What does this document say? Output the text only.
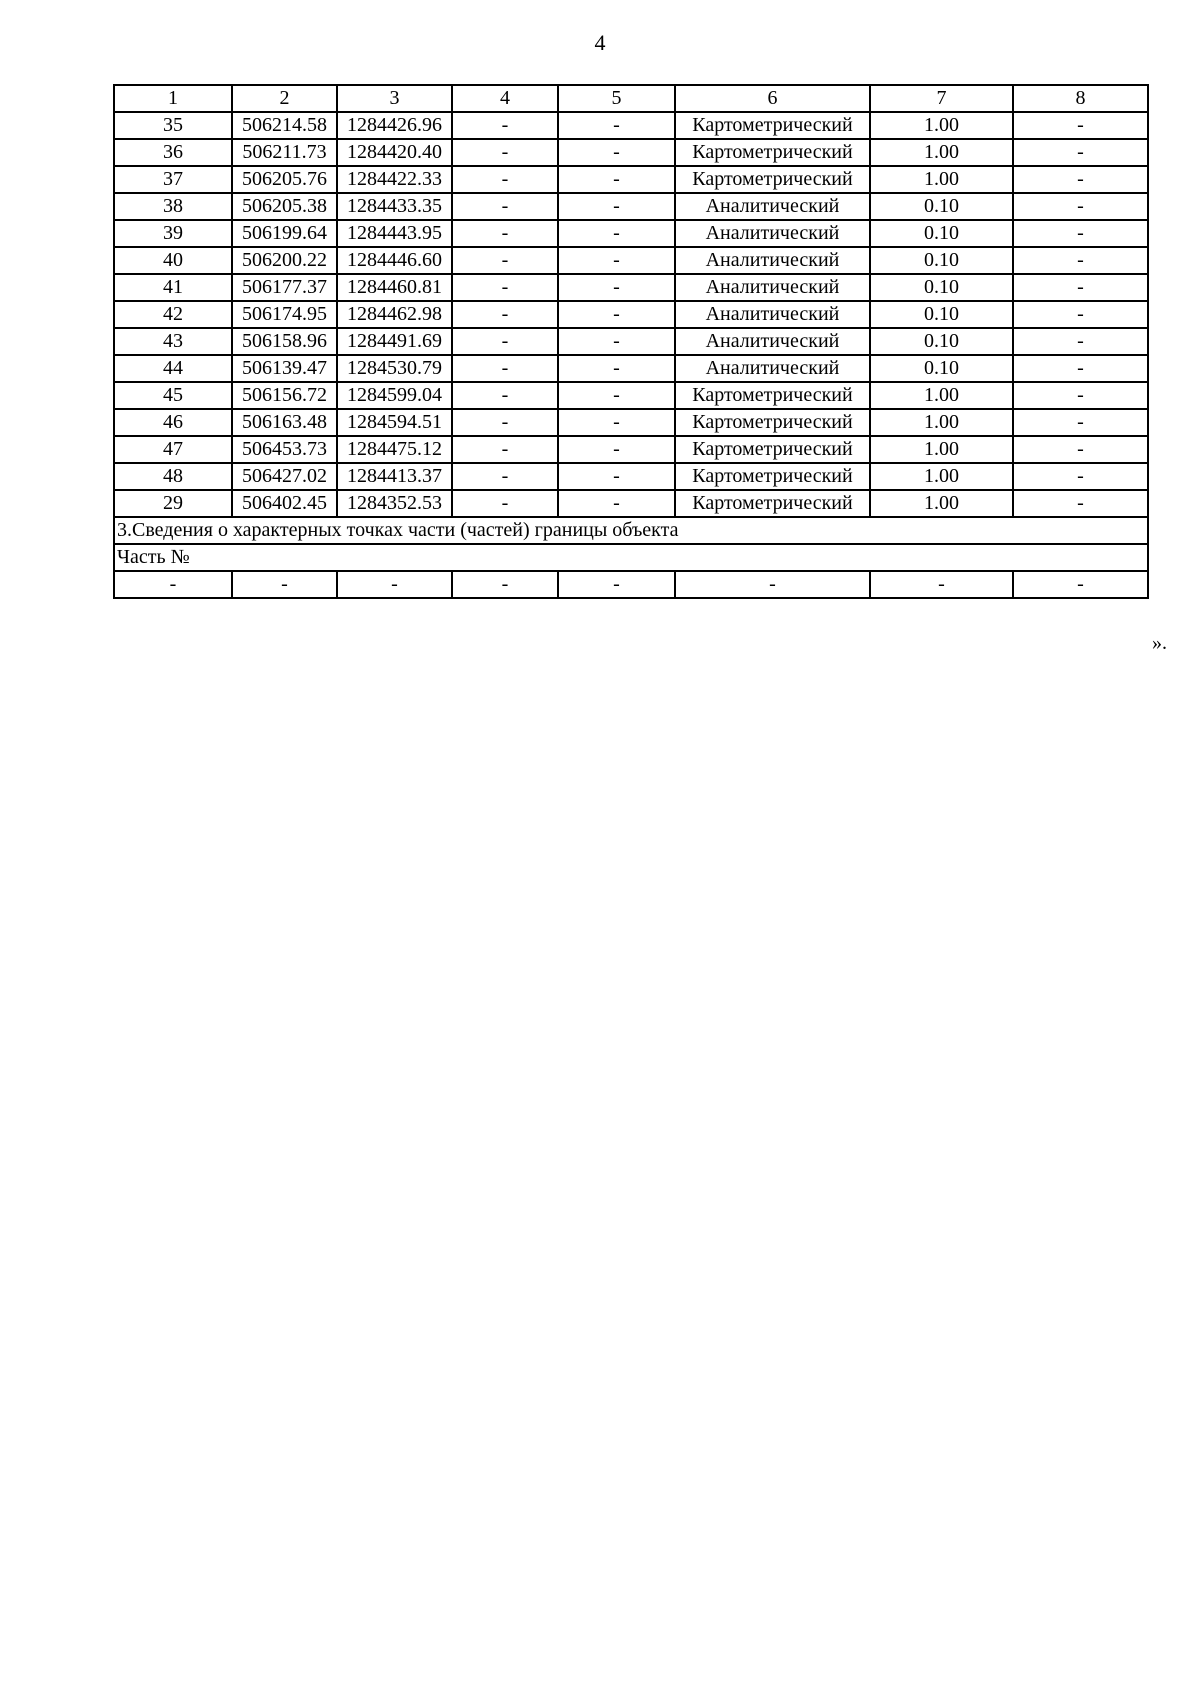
4
1	2	3	4	5	6	7	8
35	506214.58	1284426.96	-	-	Картометрический	1.00	-
36	506211.73	1284420.40	-	-	Картометрический	1.00	-
37	506205.76	1284422.33	-	-	Картометрический	1.00	-
38	506205.38	1284433.35	-	-	Аналитический	0.10	-
39	506199.64	1284443.95	-	-	Аналитический	0.10	-
40	506200.22	1284446.60	-	-	Аналитический	0.10	-
41	506177.37	1284460.81	-	-	Аналитический	0.10	-
42	506174.95	1284462.98	-	-	Аналитический	0.10	-
43	506158.96	1284491.69	-	-	Аналитический	0.10	-
44	506139.47	1284530.79	-	-	Аналитический	0.10	-
45	506156.72	1284599.04	-	-	Картометрический	1.00	-
46	506163.48	1284594.51	-	-	Картометрический	1.00	-
47	506453.73	1284475.12	-	-	Картометрический	1.00	-
48	506427.02	1284413.37	-	-	Картометрический	1.00	-
29	506402.45	1284352.53	-	-	Картометрический	1.00	-
3.Сведения о характерных точках части (частей) границы объекта							
Часть №							
-	-	-	-	-	-	-	-
».
